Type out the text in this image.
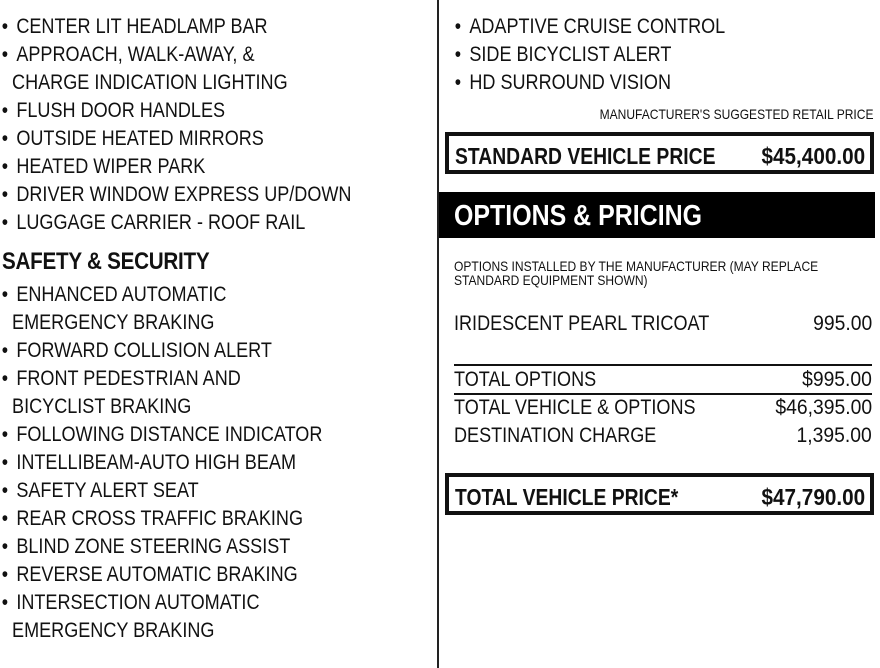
• CENTER LIT HEADLAMP BAR
• APPROACH, WALK-AWAY, &
CHARGE INDICATION LIGHTING
• FLUSH DOOR HANDLES
• OUTSIDE HEATED MIRRORS
• HEATED WIPER PARK
• DRIVER WINDOW EXPRESS UP/DOWN
• LUGGAGE CARRIER - ROOF RAIL
SAFETY & SECURITY
• ENHANCED AUTOMATIC
EMERGENCY BRAKING
• FORWARD COLLISION ALERT
• FRONT PEDESTRIAN AND
BICYCLIST BRAKING
• FOLLOWING DISTANCE INDICATOR
• INTELLIBEAM-AUTO HIGH BEAM
• SAFETY ALERT SEAT
• REAR CROSS TRAFFIC BRAKING
• BLIND ZONE STEERING ASSIST
• REVERSE AUTOMATIC BRAKING
• INTERSECTION AUTOMATIC
EMERGENCY BRAKING
• ADAPTIVE CRUISE CONTROL
• SIDE BICYCLIST ALERT
• HD SURROUND VISION
MANUFACTURER'S SUGGESTED RETAIL PRICE
STANDARD VEHICLE PRICE $45,400.00
OPTIONS & PRICING
OPTIONS INSTALLED BY THE MANUFACTURER (MAY REPLACE STANDARD EQUIPMENT SHOWN)
IRIDESCENT PEARL TRICOAT	995.00
TOTAL OPTIONS	$995.00
TOTAL VEHICLE & OPTIONS	$46,395.00
DESTINATION CHARGE	1,395.00
TOTAL VEHICLE PRICE*	$47,790.00
